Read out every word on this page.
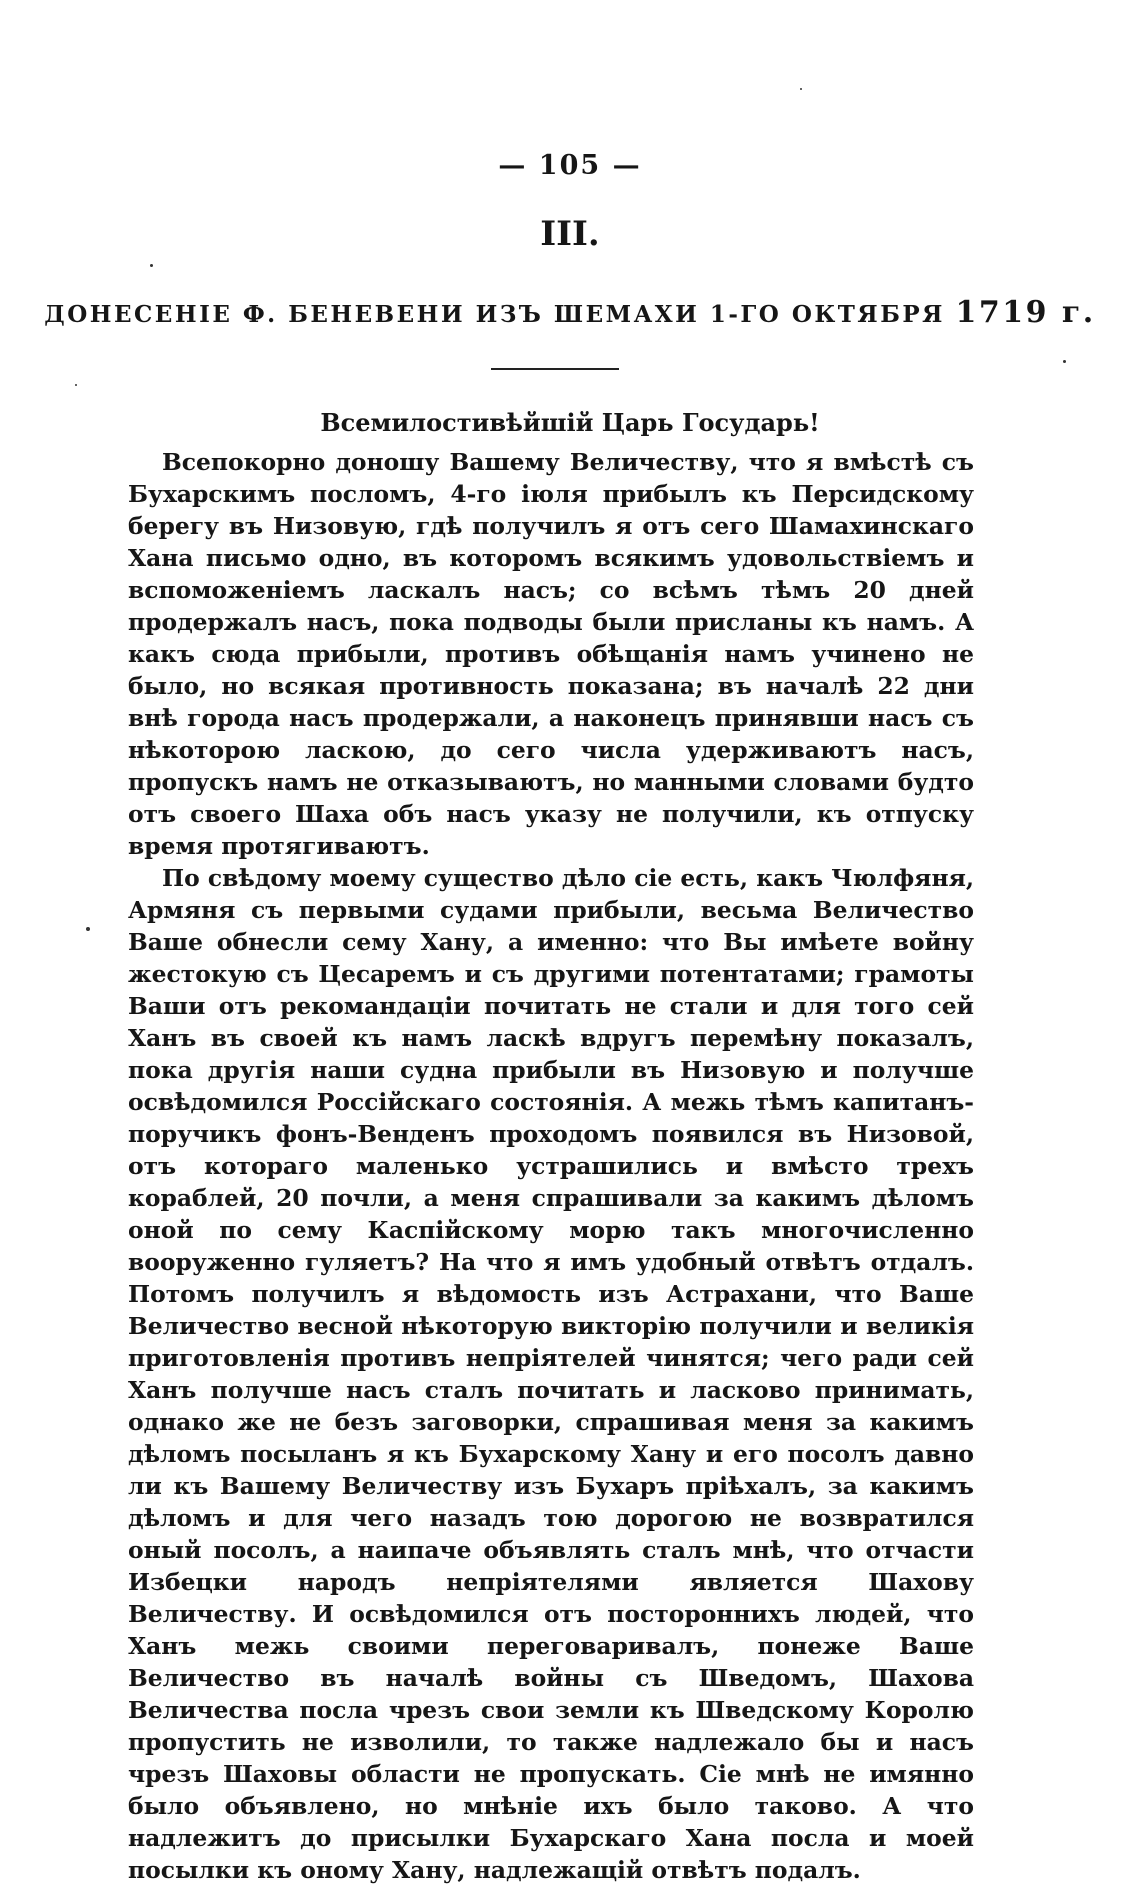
— 105 —
III.
ДОНЕСЕНІЕ Ф. БЕНЕВЕНИ ИЗЪ ШЕМАХИ 1-ГО ОКТЯБРЯ 1719 г.

Всемилостивѣйшій Царь Государь!

Всепокорно доношу Вашему Величеству, что я вмѣстѣ съ Бухарскимъ посломъ, 4-го іюля прибылъ къ Персидскому берегу въ Низовую, гдѣ получилъ я отъ сего Шамахинскаго Хана письмо одно, въ которомъ всякимъ удовольствіемъ и вспоможеніемъ ласкалъ насъ; со всѣмъ тѣмъ 20 дней продержалъ насъ, пока подводы были присланы къ намъ. А какъ сюда прибыли, противъ обѣщанія намъ учинено не было, но всякая противность показана; въ началѣ 22 дни внѣ города насъ продержали, а наконецъ принявши насъ съ нѣкоторою ласкою, до сего числа удерживаютъ насъ, пропускъ намъ не отказываютъ, но манными словами будто отъ своего Шаха объ насъ указу не получили, къ отпуску время протягиваютъ.

По свѣдому моему существо дѣло сіе есть, какъ Чюлфяня, Армяня съ первыми судами прибыли, весьма Величество Ваше обнесли сему Хану, а именно: что Вы имѣете войну жестокую съ Цесаремъ и съ другими потентатами; грамоты Ваши отъ рекомандаціи почитать не стали и для того сей Ханъ въ своей къ намъ ласкѣ вдругъ перемѣну показалъ, пока другія наши судна прибыли въ Низовую и получше освѣдомился Россійскаго состоянія. А межь тѣмъ капитанъ-поручикъ фонъ-Венденъ проходомъ появился въ Низовой, отъ котораго маленько устрашились и вмѣсто трехъ кораблей, 20 почли, а меня спрашивали за какимъ дѣломъ оной по сему Каспійскому морю такъ многочисленно вооруженно гуляетъ? На что я имъ удобный отвѣтъ отдалъ. Потомъ получилъ я вѣдомость изъ Астрахани, что Ваше Величество весной нѣкоторую викторію получили и великія приготовленія противъ непріятелей чинятся; чего ради сей Ханъ получше насъ сталъ почитать и ласково принимать, однако же не безъ заговорки, спрашивая меня за какимъ дѣломъ посыланъ я къ Бухарскому Хану и его посолъ давно ли къ Вашему Величеству изъ Бухаръ пріѣхалъ, за какимъ дѣломъ и для чего назадъ тою дорогою не возвратился оный посолъ, а наипаче объявлять сталъ мнѣ, что отчасти Избецки народъ непріятелями является Шахову Величеству. И освѣдомился отъ постороннихъ людей, что Ханъ межь своими переговаривалъ, понеже Ваше Величество въ началѣ войны съ Шведомъ, Шахова Величества посла чрезъ свои земли къ Шведскому Королю пропустить не изволили, то также надлежало бы и насъ чрезъ Шаховы области не пропускать. Сіе мнѣ не имянно было объявлено, но мнѣніе ихъ было таково. А что надлежитъ до присылки Бухарскаго Хана посла и моей посылки къ оному Хану, надлежащій отвѣтъ подалъ.
